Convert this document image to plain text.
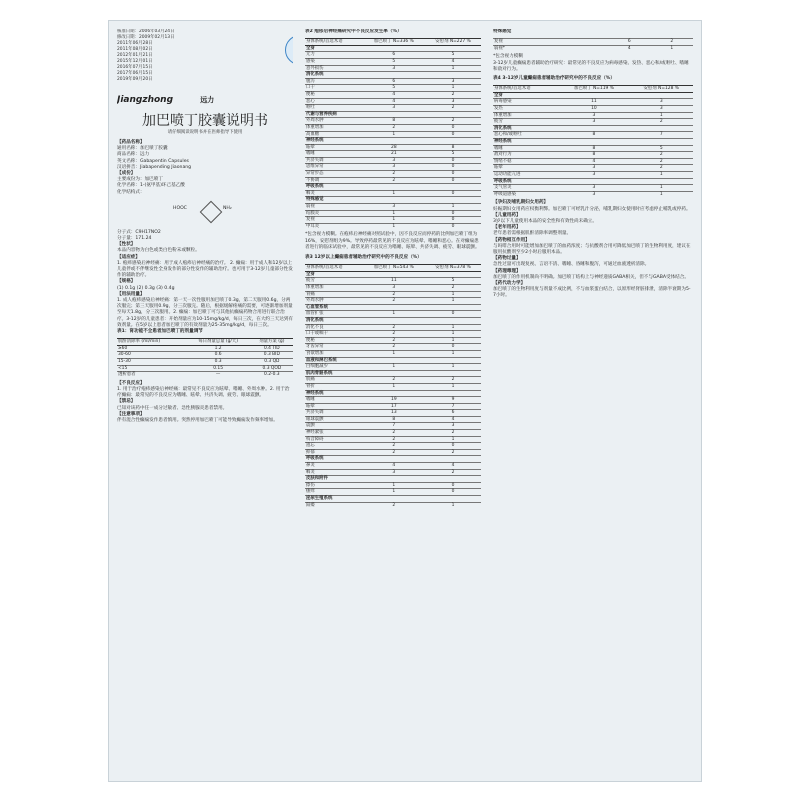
核准日期：2006年03月24日

修改日期：2009年02月13日

2011年06月28日

2011年08月02日

2012年01月21日

2015年12月01日

2016年07月15日

2017年06月15日

2019年09月20日

Jiangzhong	远力
加巴喷丁胶囊说明书
请仔细阅读说明书并在医师指导下使用

【药品名称】

通用名称：加巴喷丁胶囊

商品名称：远力

英文名称：Gabapentin Capsules

汉语拼音：Jiabapending Jiaonang

【成份】

主要成份为：加巴喷丁

化学名称：1-(氨甲基)环己基乙酸

化学结构式：

HOOC	NH₂

分子式：C9H17NO2

分子量：171.24

【性状】

本品内容物为白色或类白色粉末或颗粒。

【适应症】

1. 疱疹感染后神经痛：用于成人疱疹后神经痛的治疗。 2. 癫痫：用于成人和12岁以上儿童伴或不伴继发性全身发作的部分性发作的辅助治疗。也可用于3-12岁儿童部分性发作的辅助治疗。

【规格】

(1) 0.1g (2) 0.3g (3) 0.4g

【用法用量】

1. 成人疱疹感染后神经痛：第一天一次性服用加巴喷丁0.3g，第二天服用0.6g，分两次服完；第三天服用0.9g，分三次服完。随后，根据缓解疼痛的需要，可逐渐增加剂量至每天1.8g，分三次服用。2. 癫痫：加巴喷丁可与其他抗癫痫药物合用进行联合治疗。3-12岁的儿童患者：开始剂量应为10-15mg/kg/d，每日三次，在大约三天达到有效剂量。在5岁以上患者加巴喷丁的有效剂量为25-35mg/kg/d，每日三次。

表1：肾功能不全患者加巴喷丁的剂量调节

肌酐清除率 (ml/min)	每日剂量总量 (g/天)	剂量方案 (g)
≥60	1.2	0.4 TID
30-60	0.6	0.3 BID
15-30	0.3	0.3 QD
<15	0.15	0.3 QOD
透析患者	—	0.2-0.3

【不良反应】

1. 用于治疗疱疹感染后神经痛：最常见不良反应为眩晕、嗜睡、外周水肿。2. 用于治疗癫痫：最常见的不良反应为嗜睡、眩晕、共济失调、疲劳、眼球震颤。

【禁忌】

已知对该药中任一成分过敏者、急性胰腺炎患者禁用。

【注意事项】

伴有混合性癫痫发作患者慎用。突然停用加巴喷丁可能导致癫痫发作频率增加。

表2 疱疹后神经痛研究中不良反应发生率（%）

身体系统/首选术语	加巴喷丁 N=336 %	安慰剂 N=227 %
全身		
无力	6	5
感染	5	4
意外损伤	3	1
消化系统		
腹泻	6	3
口干	5	1
便秘	4	2
恶心	4	3
呕吐	3	2
代谢与营养疾病		
外周水肿	8	2
体重增加	2	0
高血糖	1	0
神经系统		
眩晕	28	8
嗜睡	21	5
共济失调	3	0
思维异常	3	0
异常步态	2	0
不协调	2	0
呼吸系统		
咽炎	1	0
特殊感觉		
弱视	3	1
结膜炎	1	0
复视	1	0
中耳炎	1	0

*包含视力模糊。在疱疹后神经痛对照试验中，因不良反应而停药的比例加巴喷丁组为16%，安慰剂组为9%。导致停药最常见的不良反应为眩晕、嗜睡和恶心。在对癫痫患者进行的临床试验中，最常见的不良反应为嗜睡、眩晕、共济失调、疲劳、眼球震颤。

表3 12岁以上癫痫患者辅助治疗研究中的不良反应（%）

身体系统/首选术语	加巴喷丁 N=543 %	安慰剂 N=378 %
全身		
疲劳	11	5
体重增加	3	2
背痛	2	1
外周水肿	2	1
心血管系统		
血管扩张	1	0
消化系统		
消化不良	2	1
口干或咽干	2	1
便秘	2	1
牙齿异常	2	0
食欲增加	1	1
血液和淋巴系统		
白细胞减少	1	1
肌肉骨骼系统		
肌痛	2	2
骨折	1	1
神经系统		
嗜睡	19	9
眩晕	17	7
共济失调	13	6
眼球震颤	8	4
震颤	7	3
神经紧张	2	2
构音障碍	2	1
遗忘	2	0
抑郁	2	2
呼吸系统		
鼻炎	4	4
咽炎	3	2
皮肤和附件		
擦伤	1	0
瘙痒	1	0
泌尿生殖系统		
阳痿	2	1

特殊感觉

复视	6	2
弱视*	4	1

*包含视力模糊

3-12岁儿童癫痫患者辅助治疗研究：最常见的不良反应为病毒感染、发热、恶心和/或呕吐、嗜睡和敌对行为。

表4 3-12岁儿童癫痫患者辅助治疗研究中的不良反应（%）

身体系统/首选术语	加巴喷丁 N=119 %	安慰剂 N=128 %
全身		
病毒感染	11	3
发热	10	3
体重增加	3	1
疲劳	3	2
消化系统		
恶心和/或呕吐	8	7
神经系统		
嗜睡	8	5
敌对行为	8	2
情绪不稳	4	2
眩晕	3	2
运动功能亢进	3	1
呼吸系统		
支气管炎	3	1
呼吸道感染	3	1

【孕妇及哺乳期妇女用药】

妊娠期妇女用药应权衡利弊。加巴喷丁可经乳汁分泌，哺乳期妇女使用时应考虑停止哺乳或停药。

【儿童用药】

3岁以下儿童使用本品的安全性和有效性尚未确立。

【老年用药】

老年患者需根据肌酐清除率调整剂量。

【药物相互作用】

与吗啡合用时可能增加加巴喷丁的血药浓度；与抗酸剂合用可降低加巴喷丁的生物利用度，建议在服用抗酸剂至少2小时后服用本品。

【药物过量】

急性过量可出现复视、言语不清、嗜睡、昏睡和腹泻，可通过血液透析清除。

【药理毒理】

加巴喷丁的作用机制尚不明确。加巴喷丁结构上与神经递质GABA相关，但不与GABA受体结合。

【药代动力学】

加巴喷丁的生物利用度与剂量不成比例，不与血浆蛋白结合，以原形经肾脏排泄，清除半衰期为5-7小时。
